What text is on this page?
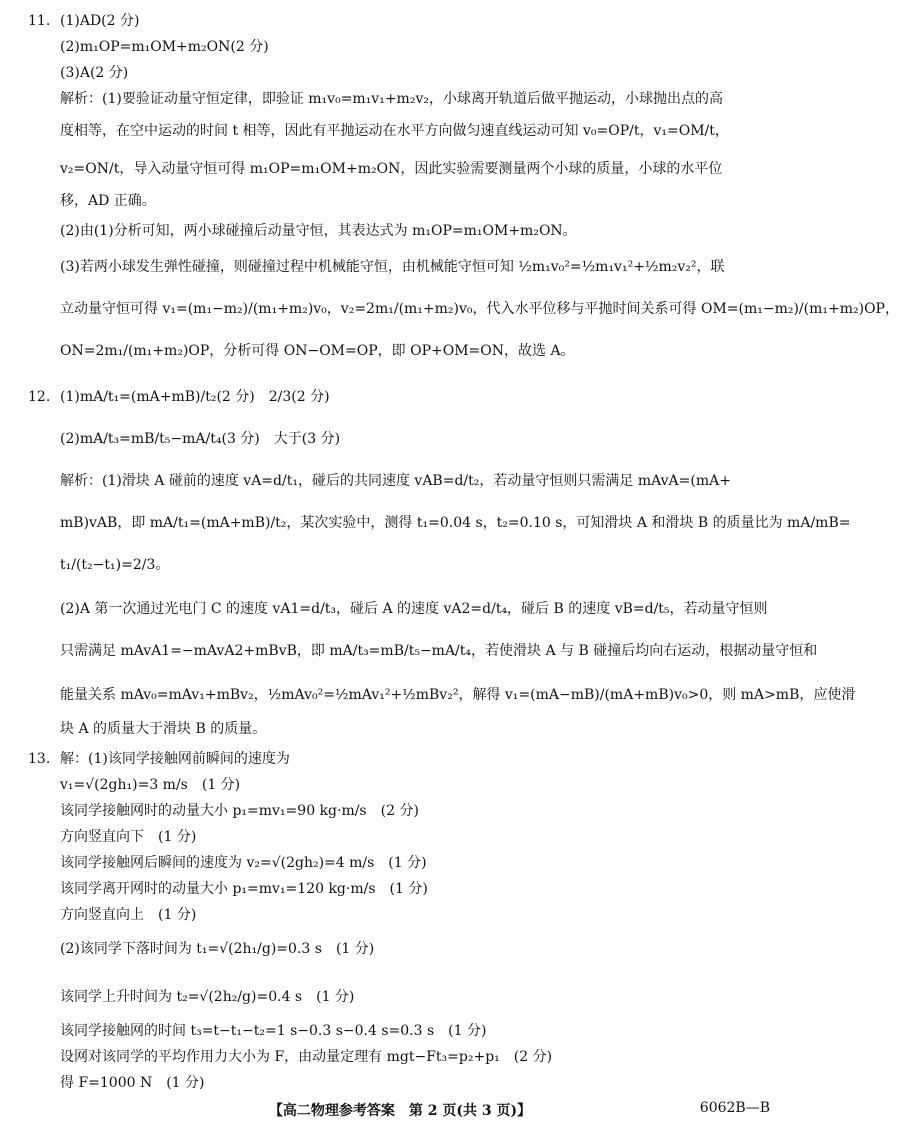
11. (1)AD(2 分)
(2)m₁OP=m₁OM+m₂ON(2 分)
(3)A(2 分)
解析：(1)要验证动量守恒定律，即验证 m₁v₀=m₁v₁+m₂v₂，小球离开轨道后做平抛运动，小球抛出点的高
度相等，在空中运动的时间 t 相等，因此有平抛运动在水平方向做匀速直线运动可知 v₀=OP/t，v₁=OM/t，
v₂=ON/t，导入动量守恒可得 m₁OP=m₁OM+m₂ON，因此实验需要测量两个小球的质量，小球的水平位
移，AD 正确。
(2)由(1)分析可知，两小球碰撞后动量守恒，其表达式为 m₁OP=m₁OM+m₂ON。
(3)若两小球发生弹性碰撞，则碰撞过程中机械能守恒，由机械能守恒可知 ½m₁v₀²=½m₁v₁²+½m₂v₂²，联
立动量守恒可得 v₁=(m₁−m₂)/(m₁+m₂)v₀，v₂=2m₁/(m₁+m₂)v₀，代入水平位移与平抛时间关系可得 OM=(m₁−m₂)/(m₁+m₂)OP，
ON=2m₁/(m₁+m₂)OP，分析可得 ON−OM=OP，即 OP+OM=ON，故选 A。
12. (1)mA/t₁=(mA+mB)/t₂(2 分)　2/3(2 分)
(2)mA/t₃=mB/t₅−mA/t₄(3 分)　大于(3 分)
解析：(1)滑块 A 碰前的速度 vA=d/t₁，碰后的共同速度 vAB=d/t₂，若动量守恒则只需满足 mAvA=(mA+
mB)vAB，即 mA/t₁=(mA+mB)/t₂，某次实验中，测得 t₁=0.04 s，t₂=0.10 s，可知滑块 A 和滑块 B 的质量比为 mA/mB=
t₁/(t₂−t₁)=2/3。
(2)A 第一次通过光电门 C 的速度 vA1=d/t₃，碰后 A 的速度 vA2=d/t₄，碰后 B 的速度 vB=d/t₅，若动量守恒则
只需满足 mAvA1=−mAvA2+mBvB，即 mA/t₃=mB/t₅−mA/t₄，若使滑块 A 与 B 碰撞后均向右运动，根据动量守恒和
能量关系 mAv₀=mAv₁+mBv₂，½mAv₀²=½mAv₁²+½mBv₂²，解得 v₁=(mA−mB)/(mA+mB)v₀>0，则 mA>mB，应使滑
块 A 的质量大于滑块 B 的质量。
13. 解：(1)该同学接触网前瞬间的速度为
v₁=√(2gh₁)=3 m/s　(1 分)
该同学接触网时的动量大小 p₁=mv₁=90 kg·m/s　(2 分)
方向竖直向下　(1 分)
该同学接触网后瞬间的速度为 v₂=√(2gh₂)=4 m/s　(1 分)
该同学离开网时的动量大小 p₁=mv₁=120 kg·m/s　(1 分)
方向竖直向上　(1 分)
(2)该同学下落时间为 t₁=√(2h₁/g)=0.3 s　(1 分)
该同学上升时间为 t₂=√(2h₂/g)=0.4 s　(1 分)
该同学接触网的时间 t₃=t−t₁−t₂=1 s−0.3 s−0.4 s=0.3 s　(1 分)
设网对该同学的平均作用力大小为 F，由动量定理有 mgt−Ft₃=p₂+p₁　(2 分)
得 F=1000 N　(1 分)
【高二物理参考答案　第 2 页(共 3 页)】	6062B—B
